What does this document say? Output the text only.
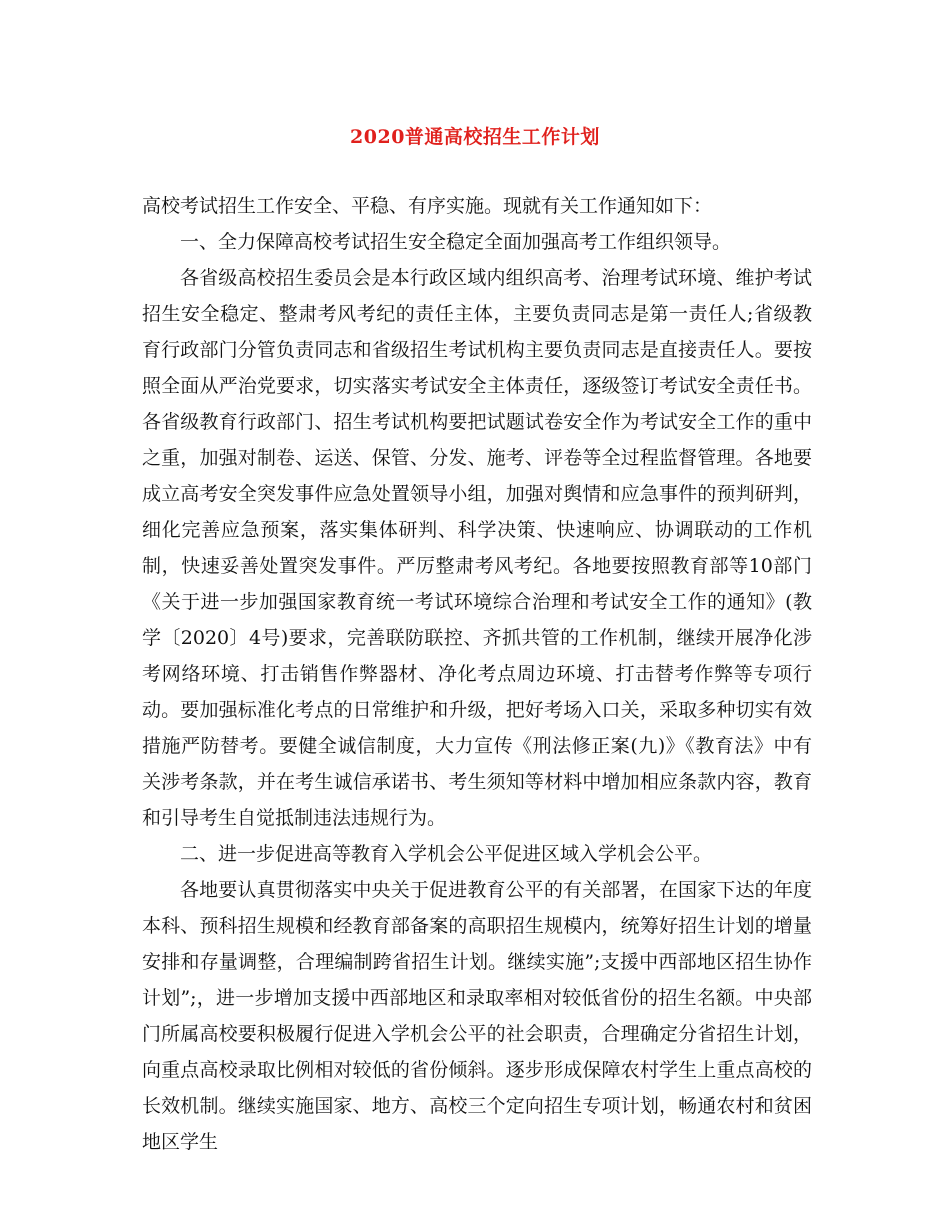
2020普通高校招生工作计划

高校考试招生工作安全、平稳、有序实施。现就有关工作通知如下：

一、全力保障高校考试招生安全稳定全面加强高考工作组织领导。

各省级高校招生委员会是本行政区域内组织高考、治理考试环境、维护考试招生安全稳定、整肃考风考纪的责任主体，主要负责同志是第一责任人;省级教育行政部门分管负责同志和省级招生考试机构主要负责同志是直接责任人。要按照全面从严治党要求，切实落实考试安全主体责任，逐级签订考试安全责任书。各省级教育行政部门、招生考试机构要把试题试卷安全作为考试安全工作的重中之重，加强对制卷、运送、保管、分发、施考、评卷等全过程监督管理。各地要成立高考安全突发事件应急处置领导小组，加强对舆情和应急事件的预判研判，细化完善应急预案，落实集体研判、科学决策、快速响应、协调联动的工作机制，快速妥善处置突发事件。严厉整肃考风考纪。各地要按照教育部等10部门《关于进一步加强国家教育统一考试环境综合治理和考试安全工作的通知》(教学〔2020〕4号)要求，完善联防联控、齐抓共管的工作机制，继续开展净化涉考网络环境、打击销售作弊器材、净化考点周边环境、打击替考作弊等专项行动。要加强标准化考点的日常维护和升级，把好考场入口关，采取多种切实有效措施严防替考。要健全诚信制度，大力宣传《刑法修正案(九)》《教育法》中有关涉考条款，并在考生诚信承诺书、考生须知等材料中增加相应条款内容，教育和引导考生自觉抵制违法违规行为。

二、进一步促进高等教育入学机会公平促进区域入学机会公平。

各地要认真贯彻落实中央关于促进教育公平的有关部署，在国家下达的年度本科、预科招生规模和经教育部备案的高职招生规模内，统筹好招生计划的增量安排和存量调整，合理编制跨省招生计划。继续实施”;支援中西部地区招生协作计划”;，进一步增加支援中西部地区和录取率相对较低省份的招生名额。中央部门所属高校要积极履行促进入学机会公平的社会职责，合理确定分省招生计划，向重点高校录取比例相对较低的省份倾斜。逐步形成保障农村学生上重点高校的长效机制。继续实施国家、地方、高校三个定向招生专项计划，畅通农村和贫困地区学生
